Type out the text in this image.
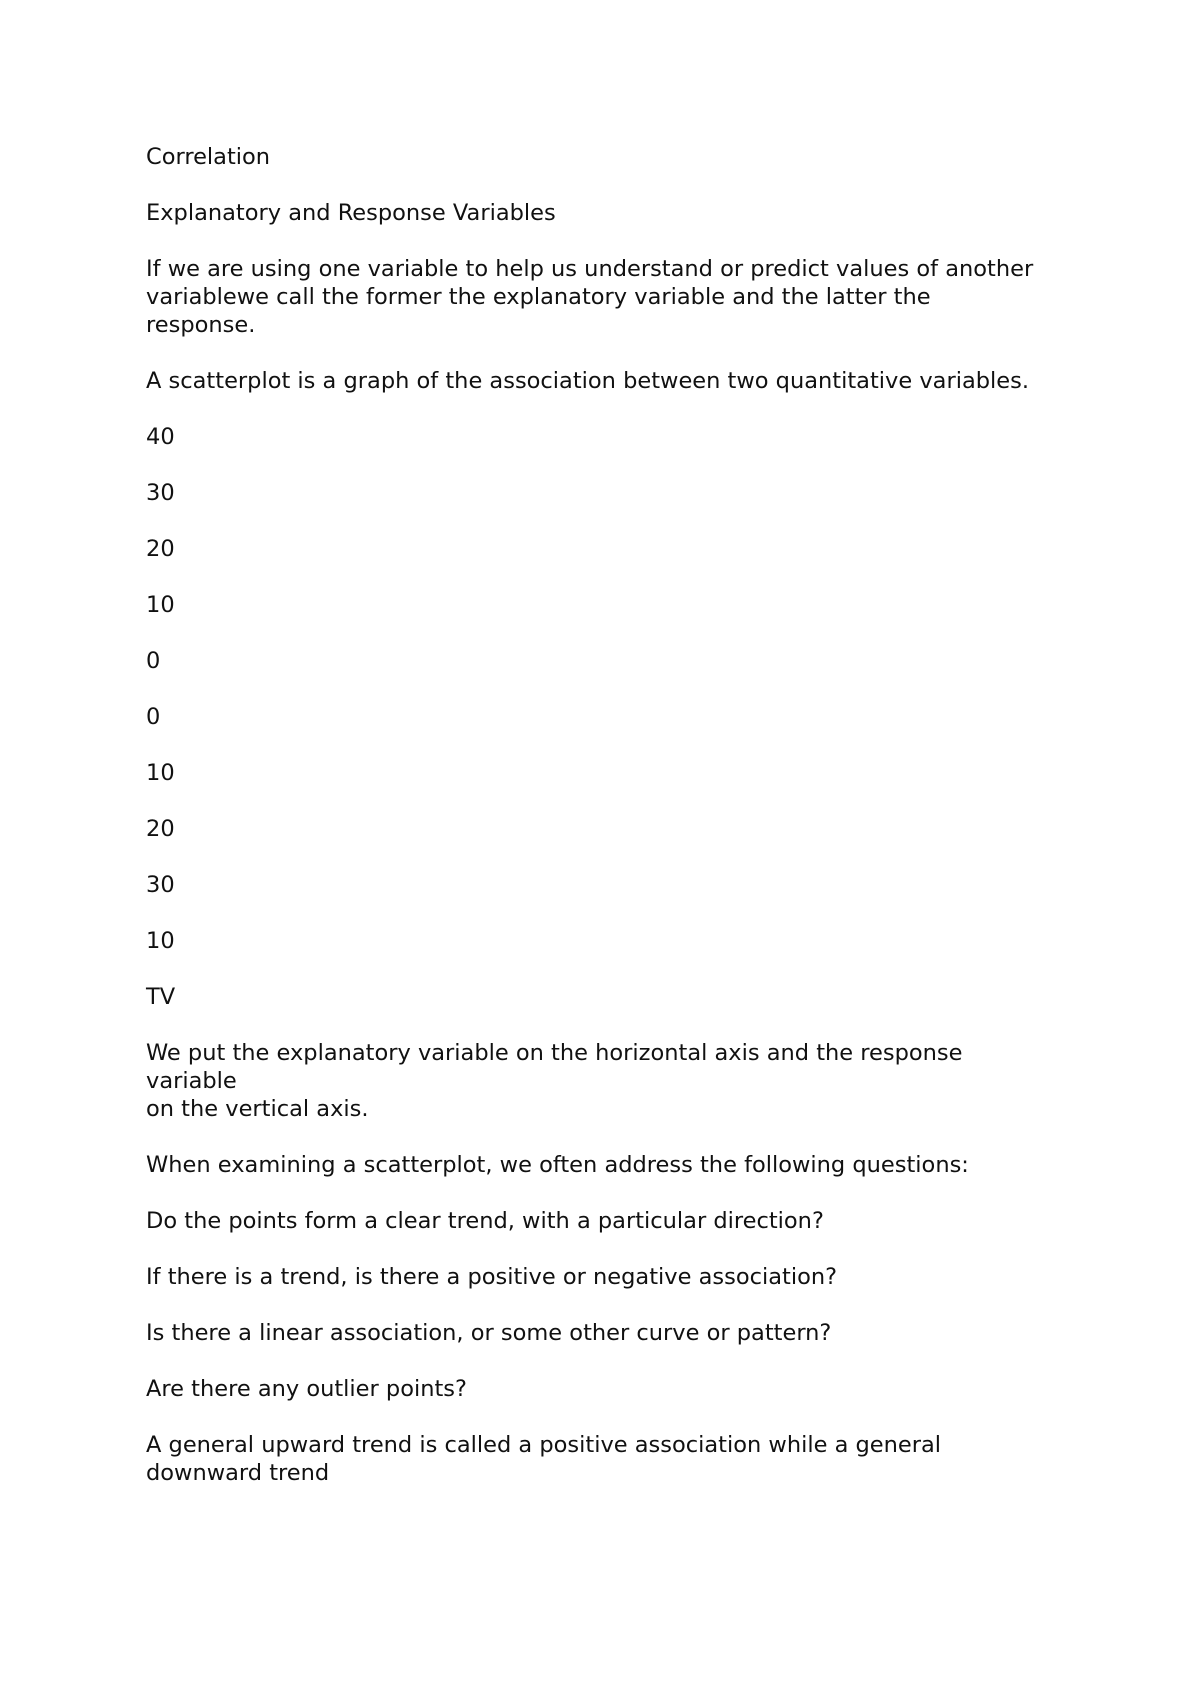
Correlation

Explanatory and Response Variables

If we are using one variable to help us understand or predict values of another
variablewe call the former the explanatory variable and the latter the response.

A scatterplot is a graph of the association between two quantitative variables.

40

30

20

10

0

0

10

20

30

10

TV

We put the explanatory variable on the horizontal axis and the response variable
on the vertical axis.

When examining a scatterplot, we often address the following questions:

Do the points form a clear trend, with a particular direction?

If there is a trend, is there a positive or negative association?

Is there a linear association, or some other curve or pattern?

Are there any outlier points?

A general upward trend is called a positive association while a general downward trend
